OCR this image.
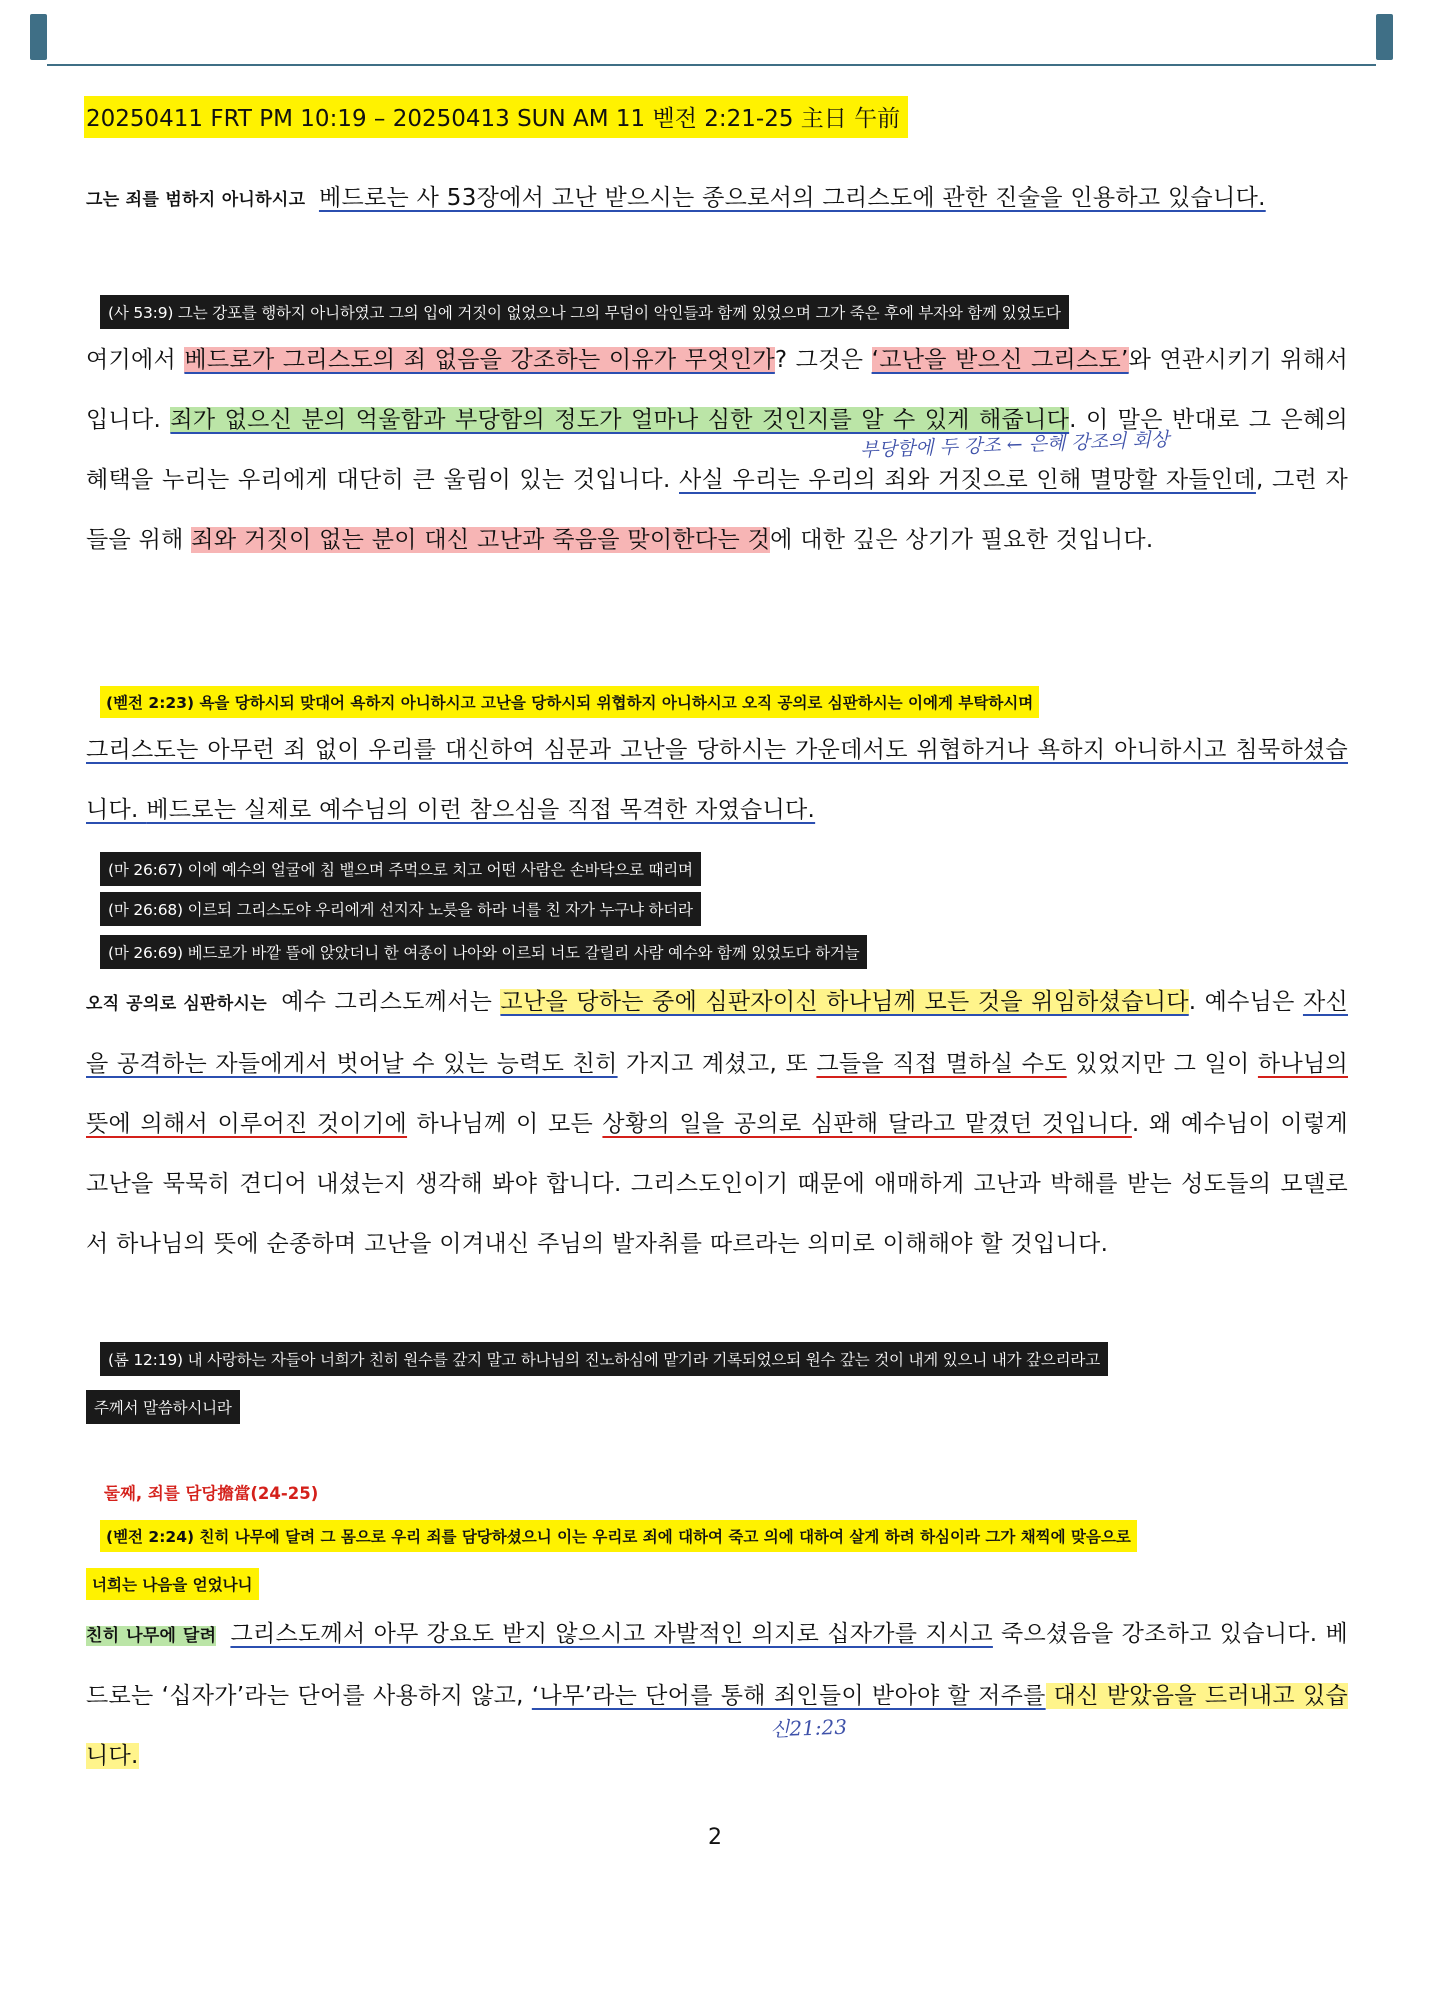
20250411 FRT PM 10:19 – 20250413 SUN AM 11 벧전 2:21-25 主日 午前
그는 죄를 범하지 아니하시고 베드로는 사 53장에서 고난 받으시는 종으로서의 그리스도에 관한 진술을 인용하고 있습니다.
(사 53:9) 그는 강포를 행하지 아니하였고 그의 입에 거짓이 없었으나 그의 무덤이 악인들과 함께 있었으며 그가 죽은 후에 부자와 함께 있었도다
여기에서 베드로가 그리스도의 죄 없음을 강조하는 이유가 무엇인가? 그것은 ‘고난을 받으신 그리스도’와 연관시키기 위해서입니다. 죄가 없으신 분의 억울함과 부당함의 정도가 얼마나 심한 것인지를 알 수 있게 해줍니다. 이 말은 반대로 그 은혜의 혜택을 누리는 우리에게 대단히 큰 울림이 있는 것입니다. 사실 우리는 우리의 죄와 거짓으로 인해 멸망할 자들인데, 그런 자들을 위해 죄와 거짓이 없는 분이 대신 고난과 죽음을 맞이한다는 것에 대한 깊은 상기가 필요한 것입니다.
부당함에 두 강조 ← 은혜 강조의 회상
(벧전 2:23) 욕을 당하시되 맞대어 욕하지 아니하시고 고난을 당하시되 위협하지 아니하시고 오직 공의로 심판하시는 이에게 부탁하시며
그리스도는 아무런 죄 없이 우리를 대신하여 심문과 고난을 당하시는 가운데서도 위협하거나 욕하지 아니하시고 침묵하셨습니다. 베드로는 실제로 예수님의 이런 참으심을 직접 목격한 자였습니다.
(마 26:67) 이에 예수의 얼굴에 침 뱉으며 주먹으로 치고 어떤 사람은 손바닥으로 때리며
(마 26:68) 이르되 그리스도야 우리에게 선지자 노릇을 하라 너를 친 자가 누구냐 하더라
(마 26:69) 베드로가 바깥 뜰에 앉았더니 한 여종이 나아와 이르되 너도 갈릴리 사람 예수와 함께 있었도다 하거늘
오직 공의로 심판하시는 예수 그리스도께서는 고난을 당하는 중에 심판자이신 하나님께 모든 것을 위임하셨습니다. 예수님은 자신을 공격하는 자들에게서 벗어날 수 있는 능력도 친히 가지고 계셨고, 또 그들을 직접 멸하실 수도 있었지만 그 일이 하나님의 뜻에 의해서 이루어진 것이기에 하나님께 이 모든 상황의 일을 공의로 심판해 달라고 맡겼던 것입니다. 왜 예수님이 이렇게 고난을 묵묵히 견디어 내셨는지 생각해 봐야 합니다. 그리스도인이기 때문에 애매하게 고난과 박해를 받는 성도들의 모델로서 하나님의 뜻에 순종하며 고난을 이겨내신 주님의 발자취를 따르라는 의미로 이해해야 할 것입니다.
(롬 12:19) 내 사랑하는 자들아 너희가 친히 원수를 갚지 말고 하나님의 진노하심에 맡기라 기록되었으되 원수 갚는 것이 내게 있으니 내가 갚으리라고
주께서 말씀하시니라
둘째, 죄를 담당擔當(24-25)
(벧전 2:24) 친히 나무에 달려 그 몸으로 우리 죄를 담당하셨으니 이는 우리로 죄에 대하여 죽고 의에 대하여 살게 하려 하심이라 그가 채찍에 맞음으로
너희는 나음을 얻었나니
친히 나무에 달려 그리스도께서 아무 강요도 받지 않으시고 자발적인 의지로 십자가를 지시고 죽으셨음을 강조하고 있습니다. 베드로는 ‘십자가’라는 단어를 사용하지 않고, ‘나무’라는 단어를 통해 죄인들이 받아야 할 저주를 대신 받았음을 드러내고 있습니다.
신21:23
2
